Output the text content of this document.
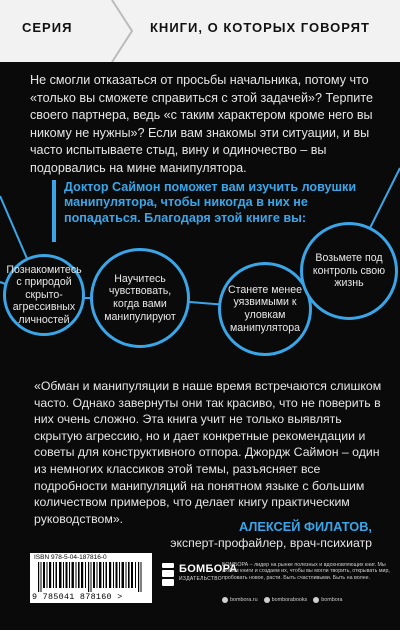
СЕРИЯ	КНИГИ, О КОТОРЫХ ГОВОРЯТ

Не смогли отказаться от просьбы начальника, потому что «только вы сможете справиться с этой задачей»? Терпите своего партнера, ведь «с таким характером кроме него вы никому не нужны»? Если вам знакомы эти ситуации, и вы часто испытываете стыд, вину и одиночество – вы подорвались на мине манипулятора.

Доктор Саймон поможет вам изучить ловушки манипулятора, чтобы никогда в них не попадаться. Благодаря этой книге вы:

Познакомитесь с природой скрыто-агрессивных личностей
Научитесь чувствовать, когда вами манипулируют
Станете менее уязвимыми к уловкам манипулятора
Возьмете под контроль свою жизнь

«Обман и манипуляции в наше время встречаются слишком часто. Однако завернуты они так красиво, что не поверить в них очень сложно. Эта книга учит не только выявлять скрытую агрессию, но и дает конкретные рекомендации и советы для конструктивного отпора. Джордж Саймон – один из немногих классиков этой темы, разъясняет все подробности манипуляций на понятном языке с большим количеством примеров, что делает книгу практическим руководством».

АЛЕКСЕЙ ФИЛАТОВ,
эксперт-профайлер, врач-психиатр
ISBN 978-5-04-187816-0
9 785041 878160 >
БОМБОРА
ИЗДАТЕЛЬСТВО

БОМБОРА – лидер на рынке полезных и вдохновляющих книг. Мы любим книги и создаем их, чтобы вы могли творить, открывать мир, пробовать новое, расти. Быть счастливыми. Быть на волне.

bombora.ru	bomborabooks	bombora
